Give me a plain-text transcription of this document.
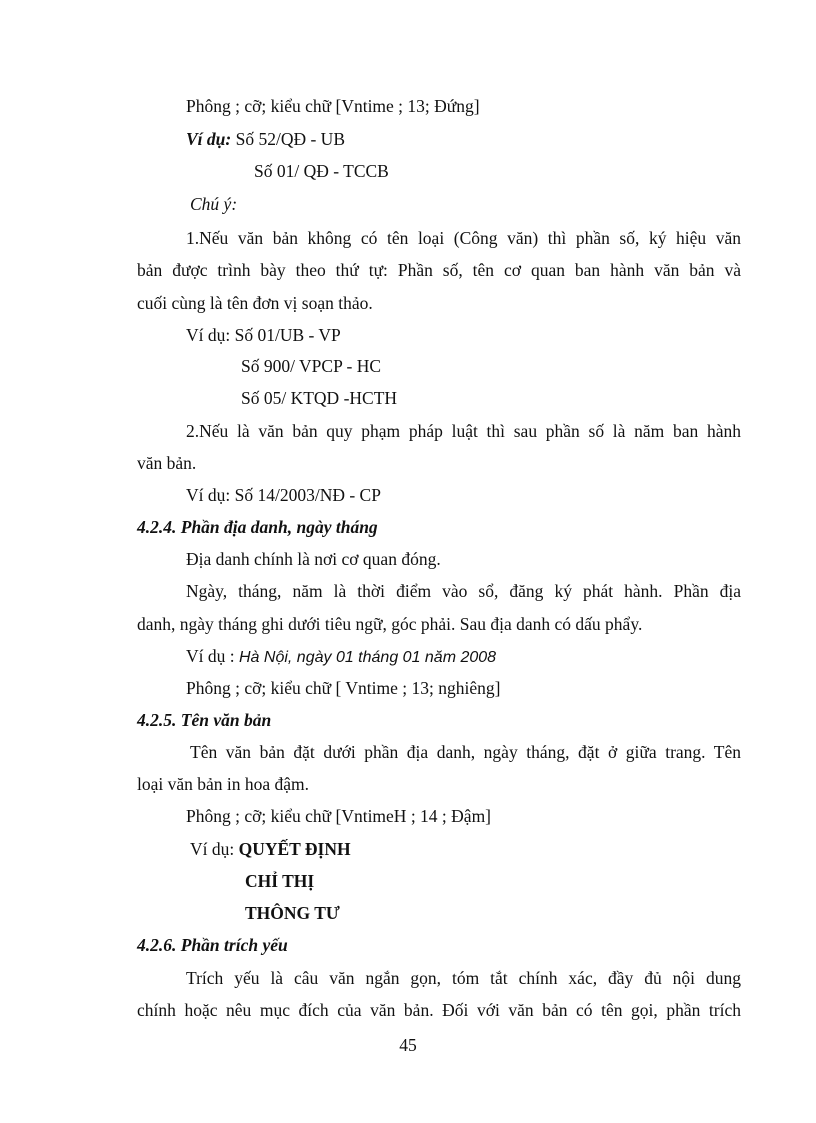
Phông ; cỡ; kiểu chữ [Vntime ; 13; Đứng]
Ví dụ: Số 52/QĐ - UB
Số 01/ QĐ - TCCB
Chú ý:
1.Nếu văn bản không có tên loại (Công văn) thì phần số, ký hiệu văn
bản được trình bày theo thứ tự: Phần số, tên cơ quan ban hành văn bản và
cuối cùng là tên đơn vị soạn thảo.
Ví dụ: Số 01/UB - VP
Số 900/ VPCP - HC
Số 05/ KTQD -HCTH
2.Nếu là văn bản quy phạm pháp luật thì sau phần số là năm ban hành
văn bản.
Ví dụ: Số 14/2003/NĐ - CP
4.2.4. Phần địa danh, ngày tháng
Địa danh chính là nơi cơ quan đóng.
Ngày, tháng, năm là thời điểm vào sổ, đăng ký phát hành. Phần địa
danh, ngày tháng ghi dưới tiêu ngữ, góc phải. Sau địa danh có dấu phẩy.
Ví dụ : Hà Nội, ngày 01 tháng 01 năm 2008
Phông ; cỡ; kiểu chữ [ Vntime ; 13; nghiêng]
4.2.5. Tên văn bản
Tên văn bản đặt dưới phần địa danh, ngày tháng, đặt ở giữa trang. Tên
loại văn bản in hoa đậm.
Phông ; cỡ; kiểu chữ [VntimeH ; 14 ; Đậm]
Ví dụ: QUYẾT ĐỊNH
CHỈ THỊ
THÔNG TƯ
4.2.6. Phần trích yếu
Trích yếu là câu văn ngắn gọn, tóm tắt chính xác, đầy đủ nội dung
chính hoặc nêu mục đích của văn bản. Đối với văn bản có tên gọi, phần trích
45
